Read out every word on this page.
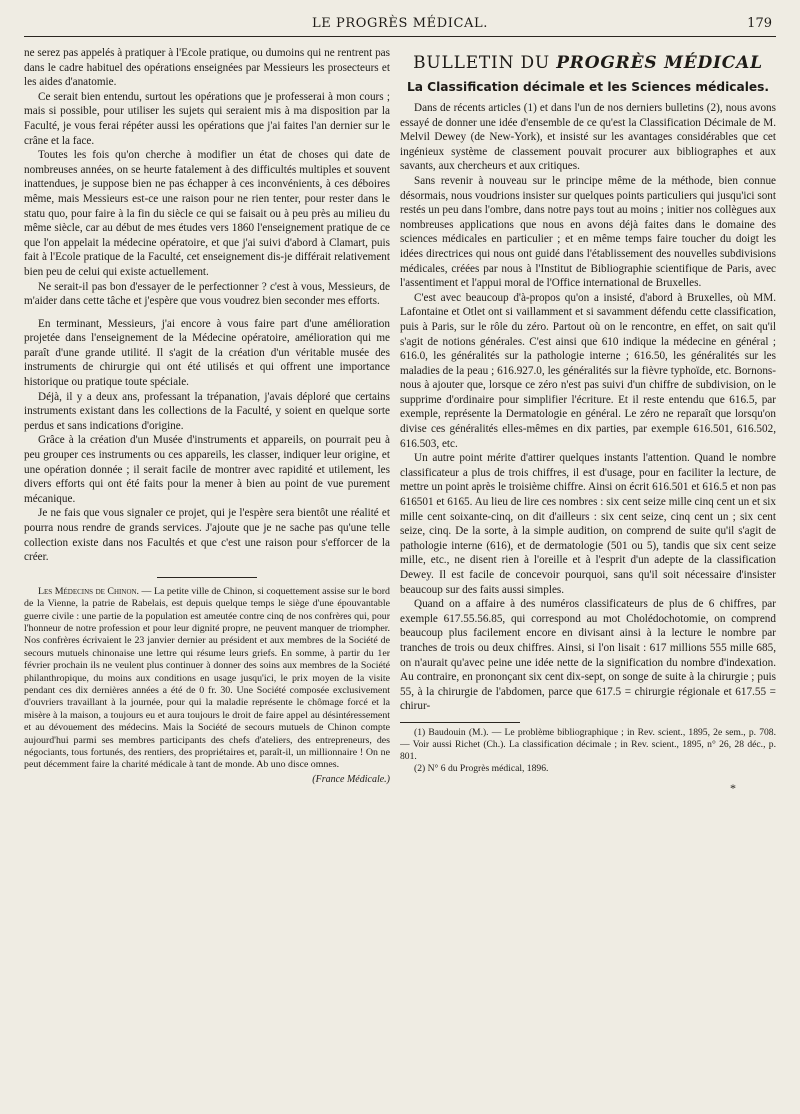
LE PROGRÈS MÉDICAL.	179

ne serez pas appelés à pratiquer à l'Ecole pratique, ou dumoins qui ne rentrent pas dans le cadre habituel des opérations enseignées par Messieurs les prosecteurs et les aides d'anatomie.

Ce serait bien entendu, surtout les opérations que je professerai à mon cours ; mais si possible, pour utiliser les sujets qui seraient mis à ma disposition par la Faculté, je vous ferai répéter aussi les opérations que j'ai faites l'an dernier sur le crâne et la face.

Toutes les fois qu'on cherche à modifier un état de choses qui date de nombreuses années, on se heurte fatalement à des difficultés multiples et souvent inattendues, je suppose bien ne pas échapper à ces inconvénients, à ces déboires même, mais Messieurs est-ce une raison pour ne rien tenter, pour rester dans le statu quo, pour faire à la fin du siècle ce qui se faisait ou à peu près au milieu du même siècle, car au début de mes études vers 1860 l'enseignement pratique de ce que l'on appelait la médecine opératoire, et que j'ai suivi d'abord à Clamart, puis fait à l'Ecole pratique de la Faculté, cet enseignement dis-je différait relativement bien peu de celui qui existe actuellement.

Ne serait-il pas bon d'essayer de le perfectionner ? c'est à vous, Messieurs, de m'aider dans cette tâche et j'espère que vous voudrez bien seconder mes efforts.

En terminant, Messieurs, j'ai encore à vous faire part d'une amélioration projetée dans l'enseignement de la Médecine opératoire, amélioration qui me paraît d'une grande utilité. Il s'agit de la création d'un véritable musée des instruments de chirurgie qui ont été utilisés et qui offrent une importance historique ou pratique toute spéciale.

Déjà, il y a deux ans, professant la trépanation, j'avais déploré que certains instruments existant dans les collections de la Faculté, y soient en quelque sorte perdus et sans indications d'origine.

Grâce à la création d'un Musée d'instruments et appareils, on pourrait peu à peu grouper ces instruments ou ces appareils, les classer, indiquer leur origine, et une opération donnée ; il serait facile de montrer avec rapidité et utilement, les divers efforts qui ont été faits pour la mener à bien au point de vue purement mécanique.

Je ne fais que vous signaler ce projet, qui je l'espère sera bientôt une réalité et pourra nous rendre de grands services. J'ajoute que je ne sache pas qu'une telle collection existe dans nos Facultés et que c'est une raison pour s'efforcer de la créer.

Les Médecins de Chinon. — La petite ville de Chinon, si coquettement assise sur le bord de la Vienne, la patrie de Rabelais, est depuis quelque temps le siège d'une épouvantable guerre civile : une partie de la population est ameutée contre cinq de nos confrères qui, pour l'honneur de notre profession et pour leur dignité propre, ne peuvent manquer de triompher. Nos confrères écrivaient le 23 janvier dernier au président et aux membres de la Société de secours mutuels chinonaise une lettre qui résume leurs griefs. En somme, à partir du 1er février prochain ils ne veulent plus continuer à donner des soins aux membres de la Société philanthropique, du moins aux conditions en usage jusqu'ici, le prix moyen de la visite pendant ces dix dernières années a été de 0 fr. 30. Une Société composée exclusivement d'ouvriers travaillant à la journée, pour qui la maladie représente le chômage forcé et la misère à la maison, a toujours eu et aura toujours le droit de faire appel au désintéressement et au dévouement des médecins. Mais la Société de secours mutuels de Chinon compte aujourd'hui parmi ses membres participants des chefs d'ateliers, des entrepreneurs, des négociants, tous fortunés, des rentiers, des propriétaires et, paraît-il, un millionnaire ! On ne peut décemment faire la charité médicale à tant de monde. Ab uno disce omnes.
(France Médicale.)
BULLETIN DU PROGRÈS MÉDICAL
La Classification décimale et les Sciences médicales.

Dans de récents articles (1) et dans l'un de nos derniers bulletins (2), nous avons essayé de donner une idée d'ensemble de ce qu'est la Classification Décimale de M. Melvil Dewey (de New-York), et insisté sur les avantages considérables que cet ingénieux système de classement pouvait procurer aux bibliographes et aux savants, aux chercheurs et aux critiques.

Sans revenir à nouveau sur le principe même de la méthode, bien connue désormais, nous voudrions insister sur quelques points particuliers qui jusqu'ici sont restés un peu dans l'ombre, dans notre pays tout au moins ; initier nos collègues aux nombreuses applications que nous en avons déjà faites dans le domaine des sciences médicales en particulier ; et en même temps faire toucher du doigt les idées directrices qui nous ont guidé dans l'établissement des nouvelles subdivisions médicales, créées par nous à l'Institut de Bibliographie scientifique de Paris, avec l'assentiment et l'appui moral de l'Office international de Bruxelles.

C'est avec beaucoup d'à-propos qu'on a insisté, d'abord à Bruxelles, où MM. Lafontaine et Otlet ont si vaillamment et si savamment défendu cette classification, puis à Paris, sur le rôle du zéro. Partout où on le rencontre, en effet, on sait qu'il s'agit de notions générales. C'est ainsi que 610 indique la médecine en général ; 616.0, les généralités sur la pathologie interne ; 616.50, les généralités sur les maladies de la peau ; 616.927.0, les généralités sur la fièvre typhoïde, etc. Bornons-nous à ajouter que, lorsque ce zéro n'est pas suivi d'un chiffre de subdivision, on le supprime d'ordinaire pour simplifier l'écriture. Et il reste entendu que 616.5, par exemple, représente la Dermatologie en général. Le zéro ne reparaît que lorsqu'on divise ces généralités elles-mêmes en dix parties, par exemple 616.501, 616.502, 616.503, etc.

Un autre point mérite d'attirer quelques instants l'attention. Quand le nombre classificateur a plus de trois chiffres, il est d'usage, pour en faciliter la lecture, de mettre un point après le troisième chiffre. Ainsi on écrit 616.501 et 616.5 et non pas 616501 et 6165. Au lieu de lire ces nombres : six cent seize mille cinq cent un et six mille cent soixante-cinq, on dit d'ailleurs : six cent seize, cinq cent un ; six cent seize, cinq. De la sorte, à la simple audition, on comprend de suite qu'il s'agit de pathologie interne (616), et de dermatologie (501 ou 5), tandis que six cent seize mille, etc., ne disent rien à l'oreille et à l'esprit d'un adepte de la classification Dewey. Il est facile de concevoir pourquoi, sans qu'il soit nécessaire d'insister beaucoup sur des faits aussi simples.

Quand on a affaire à des numéros classificateurs de plus de 6 chiffres, par exemple 617.55.56.85, qui correspond au mot Cholédochotomie, on comprend beaucoup plus facilement encore en divisant ainsi à la lecture le nombre par tranches de trois ou deux chiffres. Ainsi, si l'on lisait : 617 millions 555 mille 685, on n'aurait qu'avec peine une idée nette de la signification du nombre d'indexation. Au contraire, en prononçant six cent dix-sept, on songe de suite à la chirurgie ; puis 55, à la chirurgie de l'abdomen, parce que 617.5 = chirurgie régionale et 617.55 = chirur-

(1) Baudouin (M.). — Le problème bibliographique ; in Rev. scient., 1895, 2e sem., p. 708. — Voir aussi Richet (Ch.). La classification décimale ; in Rev. scient., 1895, n° 26, 28 déc., p. 801.
(2) N° 6 du Progrès médical, 1896.
*
